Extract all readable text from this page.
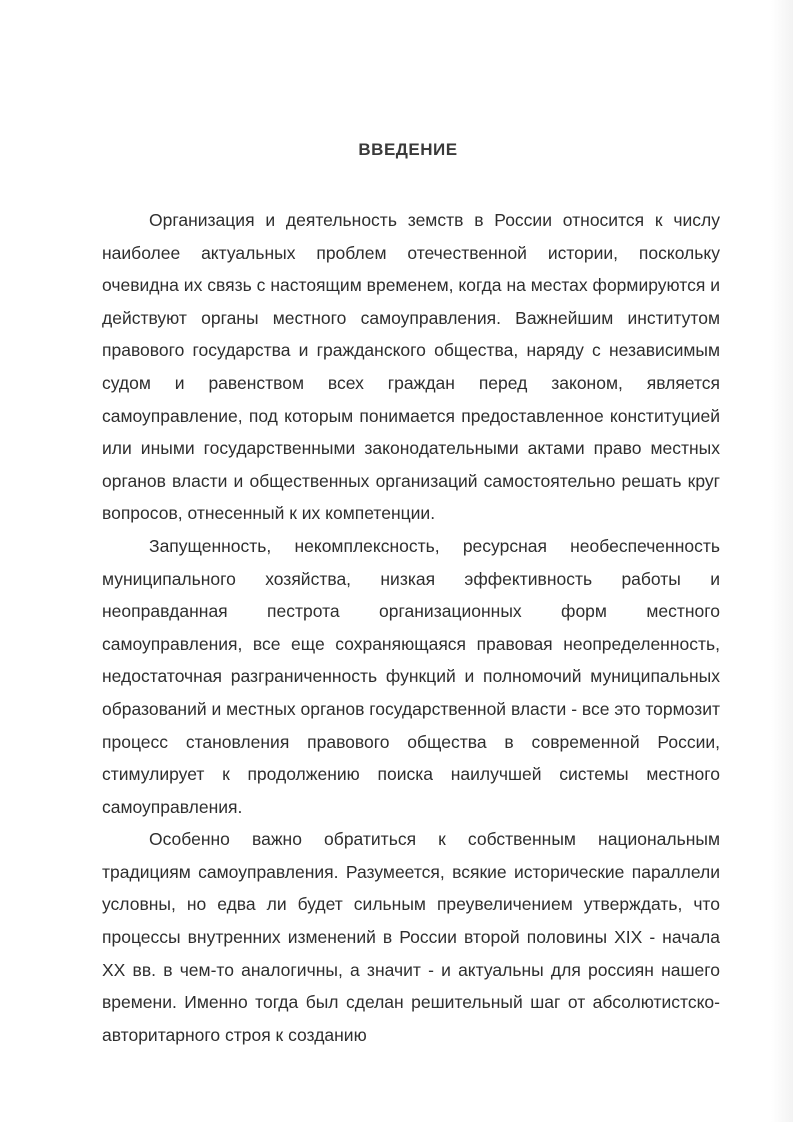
ВВЕДЕНИЕ

Организация и деятельность земств в России относится к числу наиболее актуальных проблем отечественной истории, поскольку очевидна их связь с настоящим временем, когда на местах формируются и действуют органы местного самоуправления. Важнейшим институтом правового государства и гражданского общества, наряду с независимым судом и равенством всех граждан перед законом, является самоуправление, под которым понимается предоставленное конституцией или иными государственными законодательными актами право местных органов власти и общественных организаций самостоятельно решать круг вопросов, отнесенный к их компетенции.

Запущенность, некомплексность, ресурсная необеспеченность муниципального хозяйства, низкая эффективность работы и неоправданная пестрота организационных форм местного самоуправления, все еще сохраняющаяся правовая неопределенность, недостаточная разграниченность функций и полномочий муниципальных образований и местных органов государственной власти - все это тормозит процесс становления правового общества в современной России, стимулирует к продолжению поиска наилучшей системы местного самоуправления.

Особенно важно обратиться к собственным национальным традициям самоуправления. Разумеется, всякие исторические параллели условны, но едва ли будет сильным преувеличением утверждать, что процессы внутренних изменений в России второй половины XIX - начала XX вв. в чем-то аналогичны, а значит - и актуальны для россиян нашего времени. Именно тогда был сделан решительный шаг от абсолютистско-авторитарного строя к созданию
